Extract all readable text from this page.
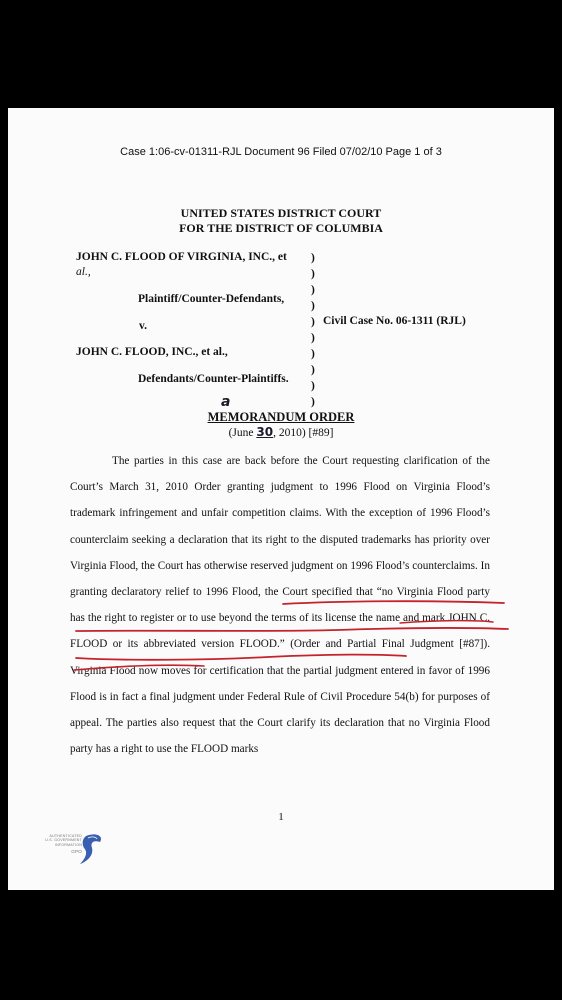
Case 1:06-cv-01311-RJL Document 96 Filed 07/02/10 Page 1 of 3
UNITED STATES DISTRICT COURT
FOR THE DISTRICT OF COLUMBIA
JOHN C. FLOOD OF VIRGINIA, INC., et
al.,
Plaintiff/Counter-Defendants,
v.
JOHN C. FLOOD, INC., et al.,
Defendants/Counter-Plaintiffs.
)
)
)
)
)
)
)
)
)
)
Civil Case No. 06-1311 (RJL)
a
MEMORANDUM ORDER
(June 30, 2010) [#89]

The parties in this case are back before the Court requesting clarification of the Court’s March 31, 2010 Order granting judgment to 1996 Flood on Virginia Flood’s trademark infringement and unfair competition claims. With the exception of 1996 Flood’s counterclaim seeking a declaration that its right to the disputed trademarks has priority over Virginia Flood, the Court has otherwise reserved judgment on 1996 Flood’s counterclaims. In granting declaratory relief to 1996 Flood, the Court specified that “no Virginia Flood party has the right to register or to use beyond the terms of its license the name and mark JOHN C. FLOOD or its abbreviated version FLOOD.” (Order and Partial Final Judgment [#87]). Virginia Flood now moves for certification that the partial judgment entered in favor of 1996 Flood is in fact a final judgment under Federal Rule of Civil Procedure 54(b) for purposes of appeal. The parties also request that the Court clarify its declaration that no Virginia Flood party has a right to use the FLOOD marks

1
AUTHENTICATED
U.S. GOVERNMENT
INFORMATION
GPO
